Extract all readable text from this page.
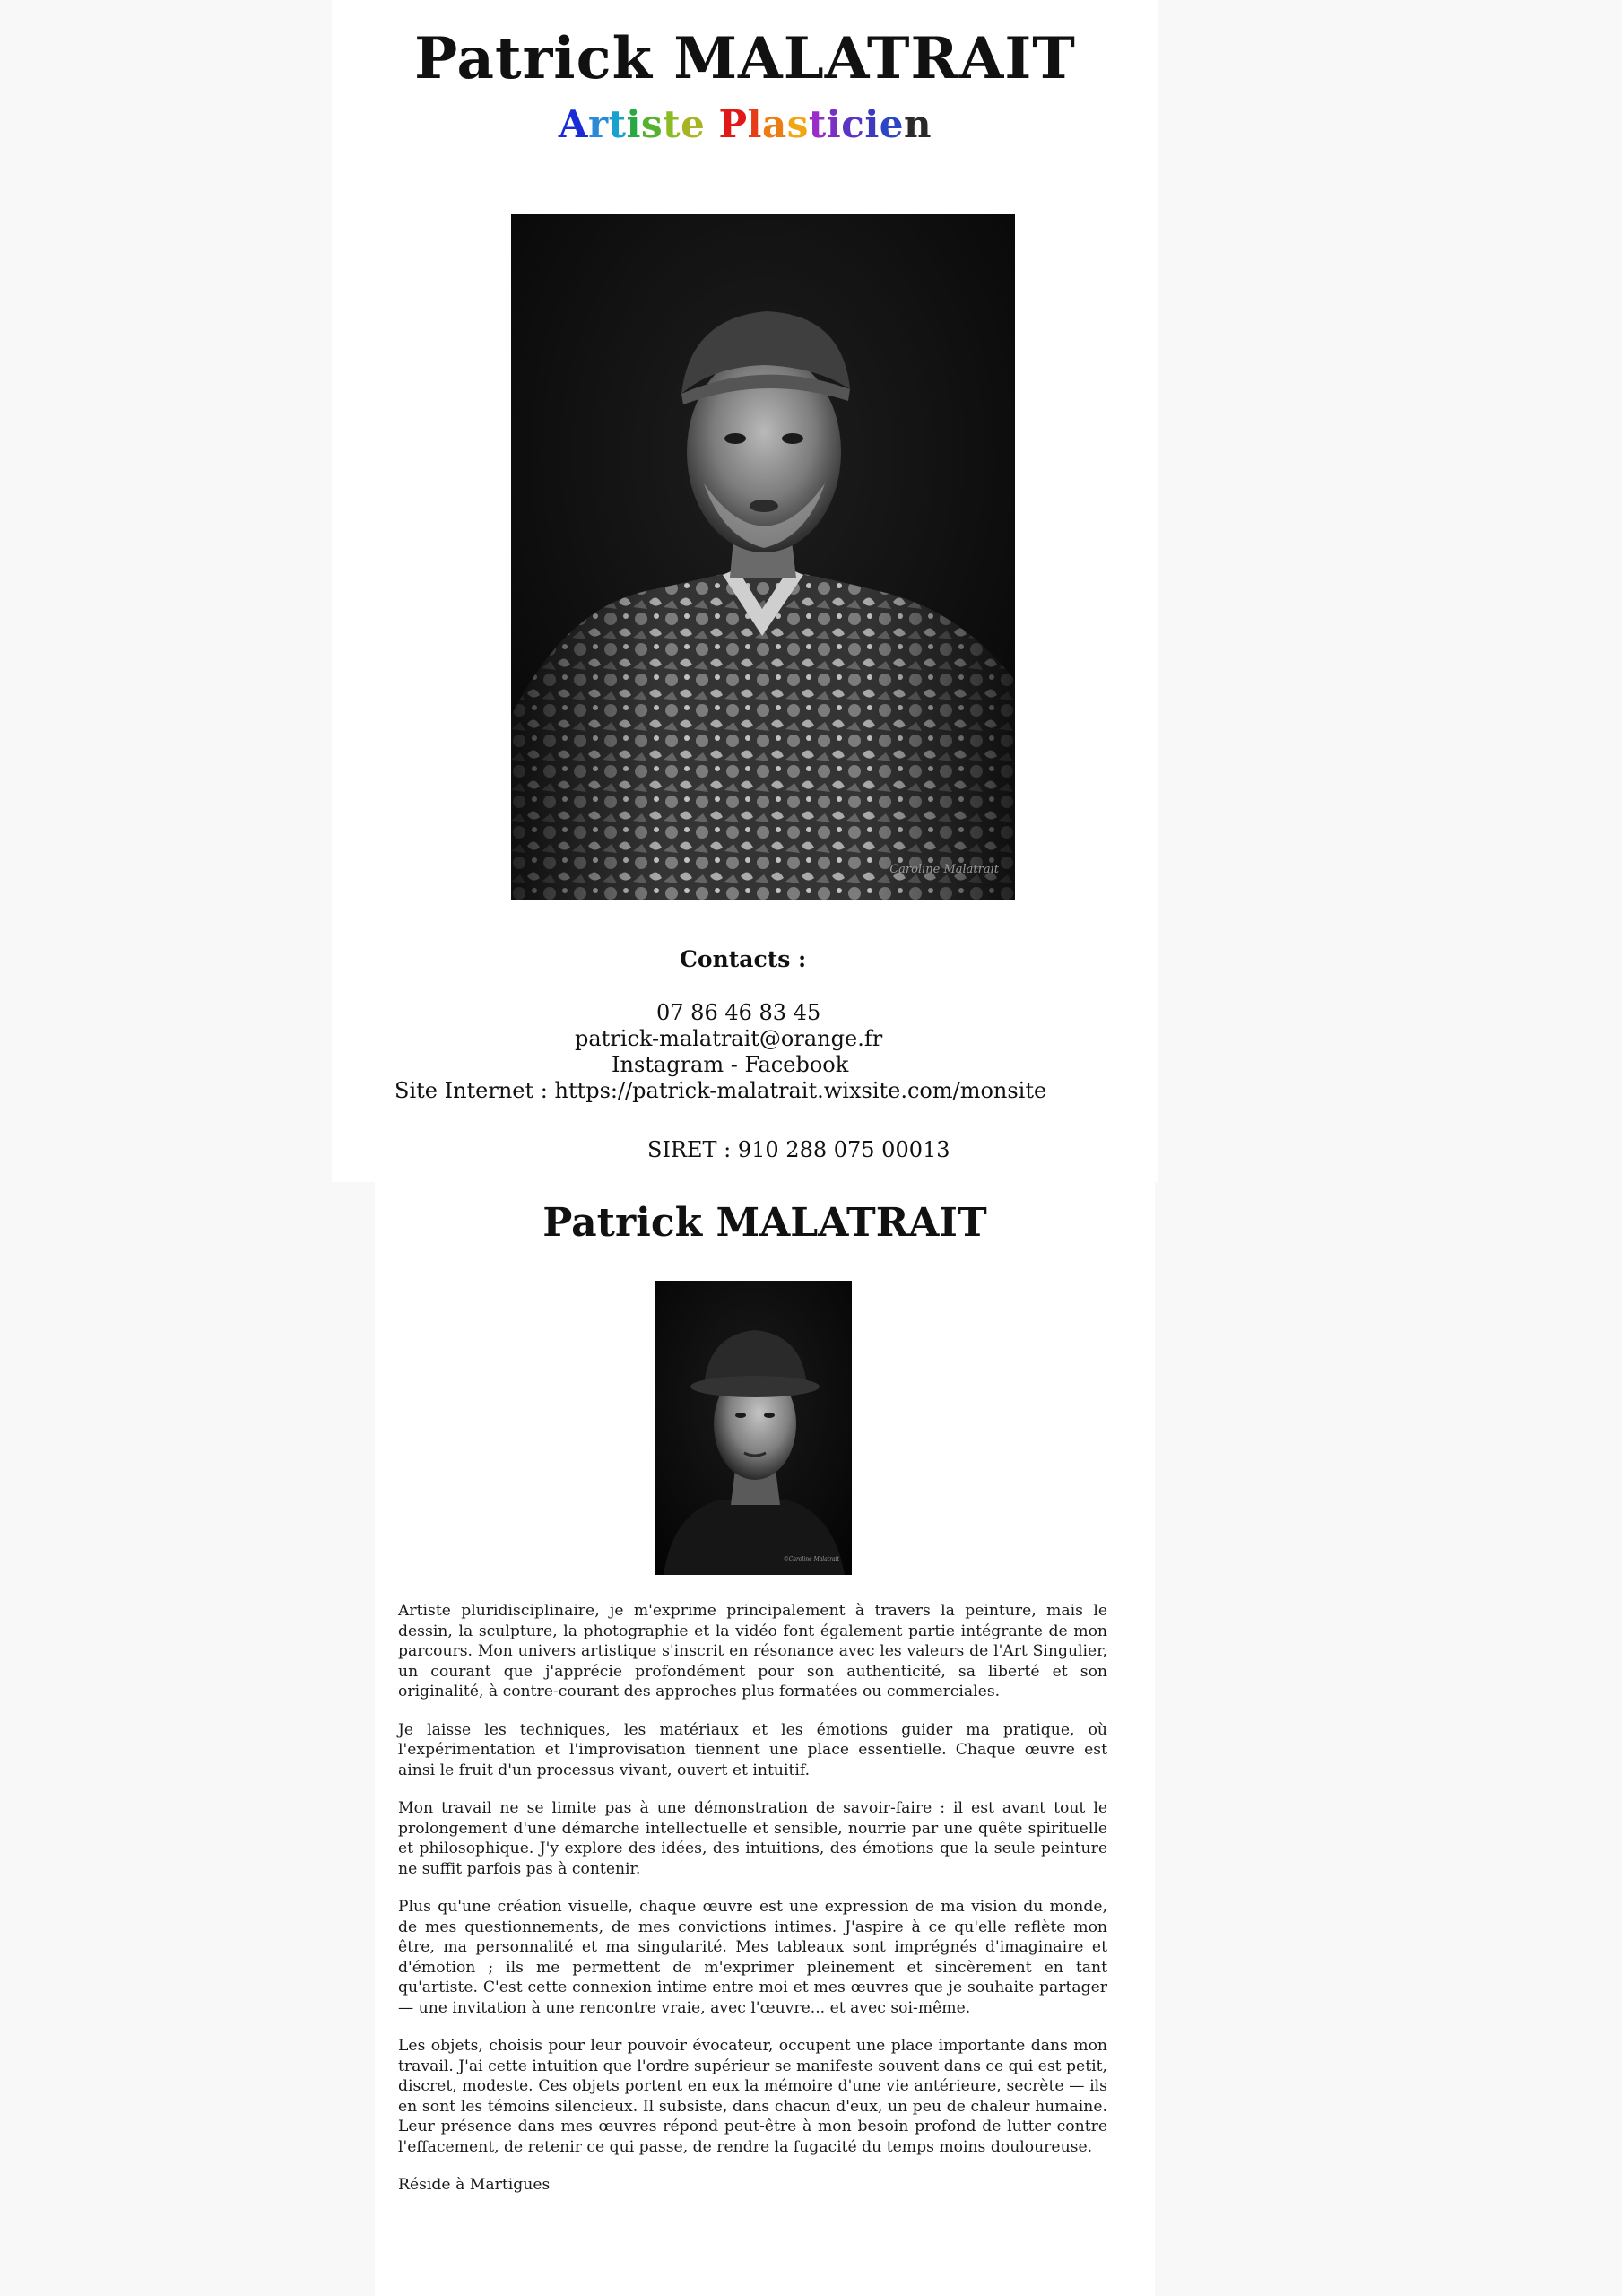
Patrick MALATRAIT
Artiste Plasticien
Caroline Malatrait
Contacts :
07 86 46 83 45
patrick-malatrait@orange.fr
Instagram - Facebook
Site Internet : https://patrick-malatrait.wixsite.com/monsite
SIRET : 910 288 075 00013
Patrick MALATRAIT
©Caroline Malatrait

Artiste pluridisciplinaire, je m'exprime principalement à travers la peinture, mais le dessin, la sculpture, la photographie et la vidéo font également partie intégrante de mon parcours. Mon univers artistique s'inscrit en résonance avec les valeurs de l'Art Singulier, un courant que j'apprécie profondément pour son authenticité, sa liberté et son originalité, à contre-courant des approches plus formatées ou commerciales.

Je laisse les techniques, les matériaux et les émotions guider ma pratique, où l'expérimentation et l'improvisation tiennent une place essentielle. Chaque œuvre est ainsi le fruit d'un processus vivant, ouvert et intuitif.

Mon travail ne se limite pas à une démonstration de savoir-faire : il est avant tout le prolongement d'une démarche intellectuelle et sensible, nourrie par une quête spirituelle et philosophique. J'y explore des idées, des intuitions, des émotions que la seule peinture ne suffit parfois pas à contenir.

Plus qu'une création visuelle, chaque œuvre est une expression de ma vision du monde, de mes questionnements, de mes convictions intimes. J'aspire à ce qu'elle reflète mon être, ma personnalité et ma singularité. Mes tableaux sont imprégnés d'imaginaire et d'émotion ; ils me permettent de m'exprimer pleinement et sincèrement en tant qu'artiste. C'est cette connexion intime entre moi et mes œuvres que je souhaite partager — une invitation à une rencontre vraie, avec l'œuvre... et avec soi-même.

Les objets, choisis pour leur pouvoir évocateur, occupent une place importante dans mon travail. J'ai cette intuition que l'ordre supérieur se manifeste souvent dans ce qui est petit, discret, modeste. Ces objets portent en eux la mémoire d'une vie antérieure, secrète — ils en sont les témoins silencieux. Il subsiste, dans chacun d'eux, un peu de chaleur humaine. Leur présence dans mes œuvres répond peut-être à mon besoin profond de lutter contre l'effacement, de retenir ce qui passe, de rendre la fugacité du temps moins douloureuse.

Réside à Martigues
